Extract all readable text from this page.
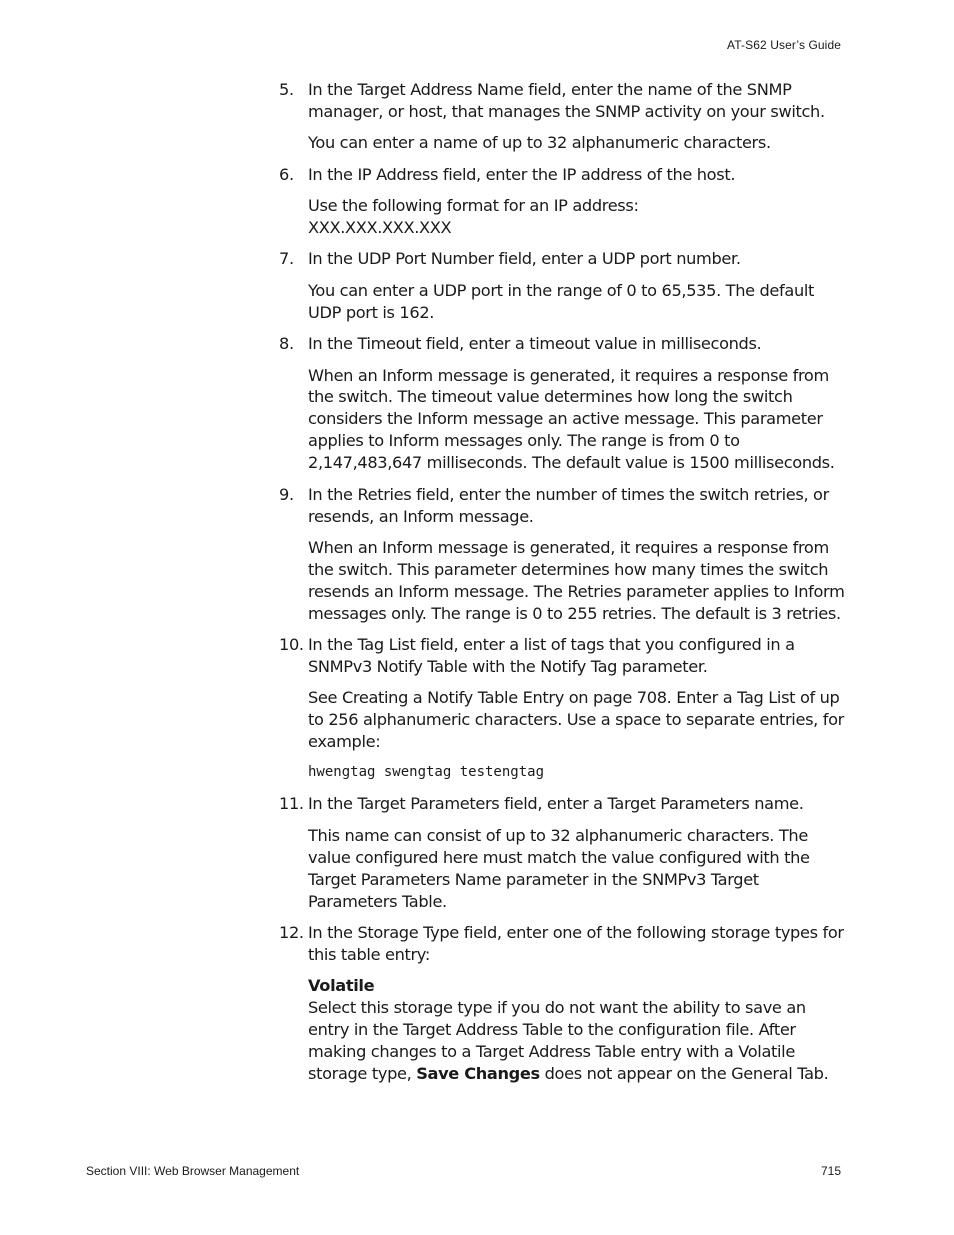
AT-S62 User’s Guide
5. In the Target Address Name field, enter the name of the SNMP manager, or host, that manages the SNMP activity on your switch.
You can enter a name of up to 32 alphanumeric characters.
6. In the IP Address field, enter the IP address of the host.
Use the following format for an IP address:
XXX.XXX.XXX.XXX
7. In the UDP Port Number field, enter a UDP port number.
You can enter a UDP port in the range of 0 to 65,535. The default UDP port is 162.
8. In the Timeout field, enter a timeout value in milliseconds.
When an Inform message is generated, it requires a response from the switch. The timeout value determines how long the switch considers the Inform message an active message. This parameter applies to Inform messages only. The range is from 0 to 2,147,483,647 milliseconds. The default value is 1500 milliseconds.
9. In the Retries field, enter the number of times the switch retries, or resends, an Inform message.
When an Inform message is generated, it requires a response from the switch. This parameter determines how many times the switch resends an Inform message. The Retries parameter applies to Inform messages only. The range is 0 to 255 retries. The default is 3 retries.
10. In the Tag List field, enter a list of tags that you configured in a SNMPv3 Notify Table with the Notify Tag parameter.
See Creating a Notify Table Entry on page 708. Enter a Tag List of up to 256 alphanumeric characters. Use a space to separate entries, for example:
hwengtag swengtag testengtag
11. In the Target Parameters field, enter a Target Parameters name.
This name can consist of up to 32 alphanumeric characters. The value configured here must match the value configured with the Target Parameters Name parameter in the SNMPv3 Target Parameters Table.
12. In the Storage Type field, enter one of the following storage types for this table entry:
Volatile
Select this storage type if you do not want the ability to save an entry in the Target Address Table to the configuration file. After making changes to a Target Address Table entry with a Volatile storage type, Save Changes does not appear on the General Tab.
Section VIII: Web Browser Management	715
